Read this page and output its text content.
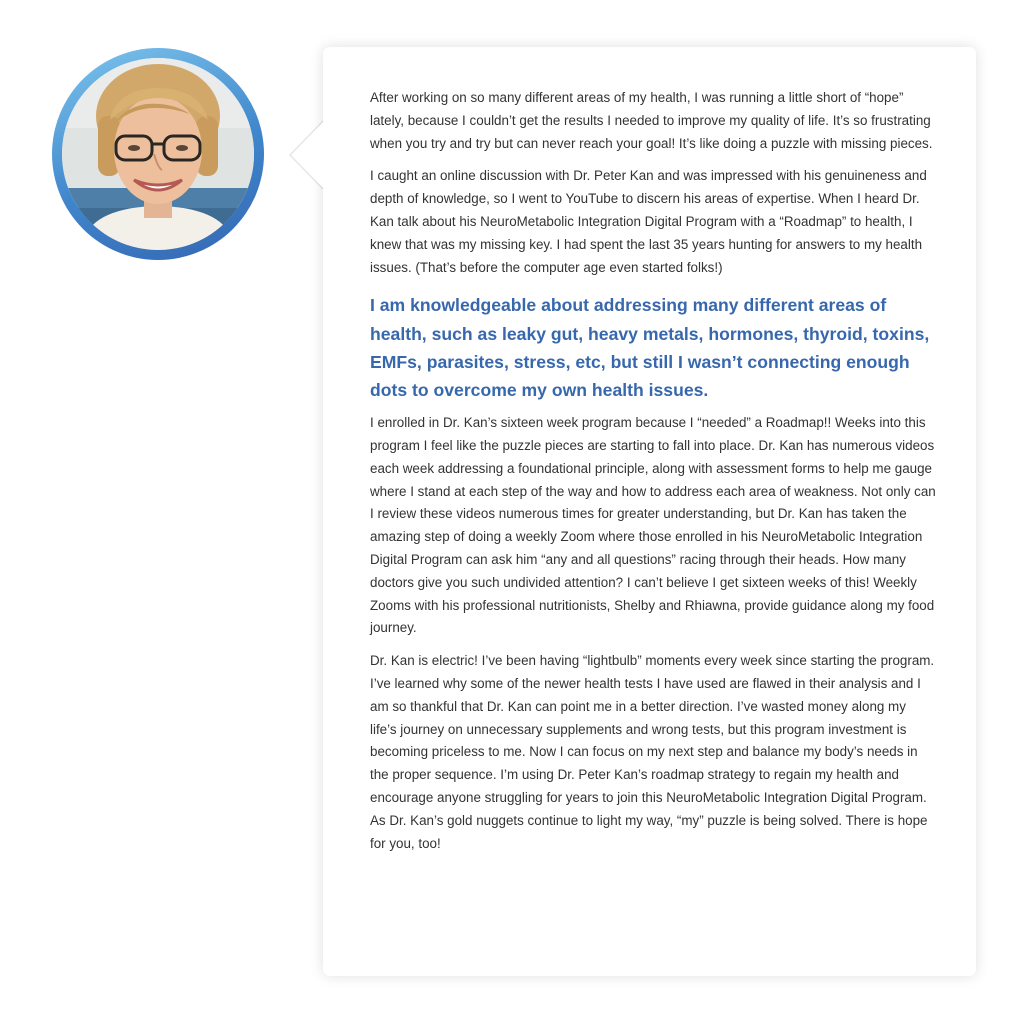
After working on so many different areas of my health, I was running a little short of “hope” lately, because I couldn’t get the results I needed to improve my quality of life. It’s so frustrating when you try and try but can never reach your goal! It’s like doing a puzzle with missing pieces.

I caught an online discussion with Dr. Peter Kan and was impressed with his genuineness and depth of knowledge, so I went to YouTube to discern his areas of expertise. When I heard Dr. Kan talk about his NeuroMetabolic Integration Digital Program with a “Roadmap” to health, I knew that was my missing key. I had spent the last 35 years hunting for answers to my health issues. (That’s before the computer age even started folks!)

I am knowledgeable about addressing many different areas of health, such as leaky gut, heavy metals, hormones, thyroid, toxins, EMFs, parasites, stress, etc, but still I wasn’t connecting enough dots to overcome my own health issues.

I enrolled in Dr. Kan’s sixteen week program because I “needed” a Roadmap!! Weeks into this program I feel like the puzzle pieces are starting to fall into place. Dr. Kan has numerous videos each week addressing a foundational principle, along with assessment forms to help me gauge where I stand at each step of the way and how to address each area of weakness. Not only can I review these videos numerous times for greater understanding, but Dr. Kan has taken the amazing step of doing a weekly Zoom where those enrolled in his NeuroMetabolic Integration Digital Program can ask him “any and all questions” racing through their heads. How many doctors give you such undivided attention? I can’t believe I get sixteen weeks of this! Weekly Zooms with his professional nutritionists, Shelby and Rhiawna, provide guidance along my food journey.

Dr. Kan is electric! I’ve been having “lightbulb” moments every week since starting the program. I’ve learned why some of the newer health tests I have used are flawed in their analysis and I am so thankful that Dr. Kan can point me in a better direction. I’ve wasted money along my life’s journey on unnecessary supplements and wrong tests, but this program investment is becoming priceless to me. Now I can focus on my next step and balance my body’s needs in the proper sequence. I’m using Dr. Peter Kan’s roadmap strategy to regain my health and encourage anyone struggling for years to join this NeuroMetabolic Integration Digital Program. As Dr. Kan’s gold nuggets continue to light my way, “my” puzzle is being solved. There is hope for you, too!
